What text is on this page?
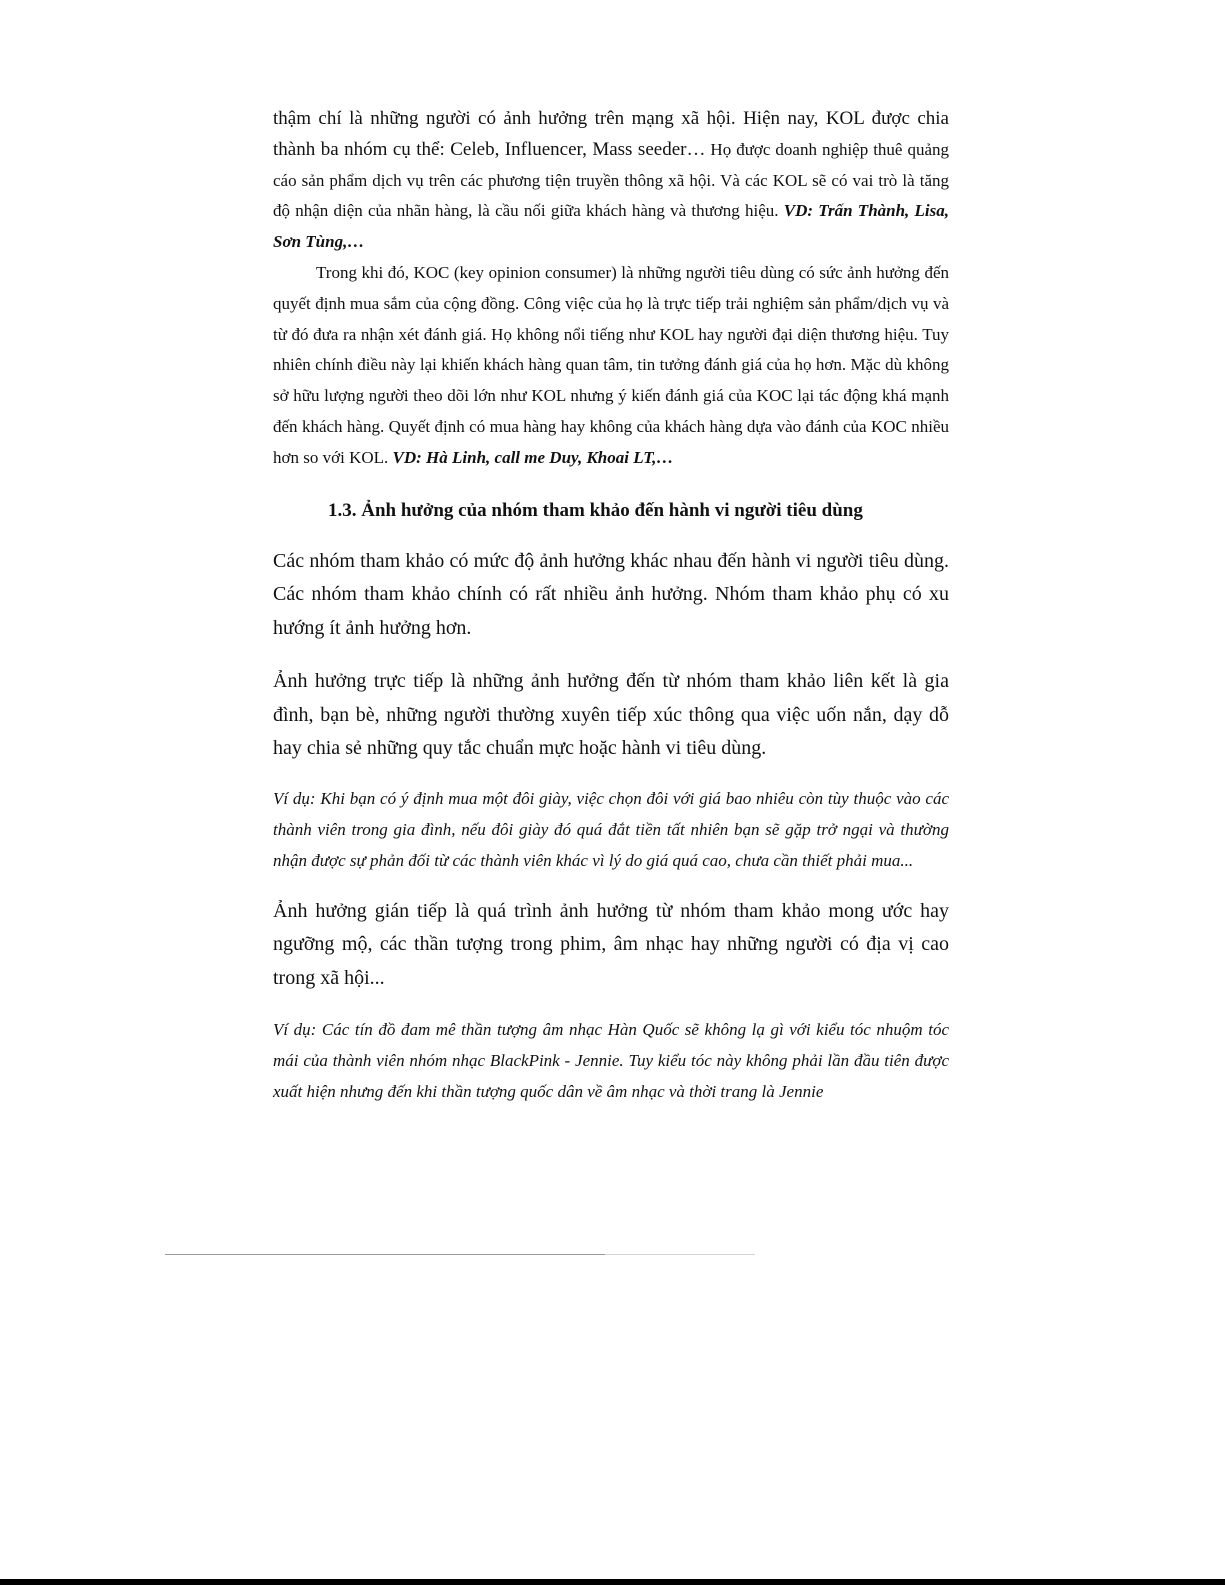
thậm chí là những người có ảnh hưởng trên mạng xã hội. Hiện nay, KOL được chia thành ba nhóm cụ thể: Celeb, Influencer, Mass seeder… Họ được doanh nghiệp thuê quảng cáo sản phẩm dịch vụ trên các phương tiện truyền thông xã hội. Và các KOL sẽ có vai trò là tăng độ nhận diện của nhãn hàng, là cầu nối giữa khách hàng và thương hiệu. VD: Trấn Thành, Lisa, Sơn Tùng,…

Trong khi đó, KOC (key opinion consumer) là những người tiêu dùng có sức ảnh hưởng đến quyết định mua sắm của cộng đồng. Công việc của họ là trực tiếp trải nghiệm sản phẩm/dịch vụ và từ đó đưa ra nhận xét đánh giá. Họ không nổi tiếng như KOL hay người đại diện thương hiệu. Tuy nhiên chính điều này lại khiến khách hàng quan tâm, tin tưởng đánh giá của họ hơn. Mặc dù không sở hữu lượng người theo dõi lớn như KOL nhưng ý kiến đánh giá của KOC lại tác động khá mạnh đến khách hàng. Quyết định có mua hàng hay không của khách hàng dựa vào đánh của KOC nhiều hơn so với KOL. VD: Hà Linh, call me Duy, Khoai LT,…

1.3. Ảnh hưởng của nhóm tham khảo đến hành vi người tiêu dùng

Các nhóm tham khảo có mức độ ảnh hưởng khác nhau đến hành vi người tiêu dùng. Các nhóm tham khảo chính có rất nhiều ảnh hưởng. Nhóm tham khảo phụ có xu hướng ít ảnh hưởng hơn.

Ảnh hưởng trực tiếp là những ảnh hưởng đến từ nhóm tham khảo liên kết là gia đình, bạn bè, những người thường xuyên tiếp xúc thông qua việc uốn nắn, dạy dỗ hay chia sẻ những quy tắc chuẩn mực hoặc hành vi tiêu dùng.

Ví dụ: Khi bạn có ý định mua một đôi giày, việc chọn đôi với giá bao nhiêu còn tùy thuộc vào các thành viên trong gia đình, nếu đôi giày đó quá đắt tiền tất nhiên bạn sẽ gặp trở ngại và thường nhận được sự phản đối từ các thành viên khác vì lý do giá quá cao, chưa cần thiết phải mua...

Ảnh hưởng gián tiếp là quá trình ảnh hưởng từ nhóm tham khảo mong ước hay ngưỡng mộ, các thần tượng trong phim, âm nhạc hay những người có địa vị cao trong xã hội...

Ví dụ: Các tín đồ đam mê thần tượng âm nhạc Hàn Quốc sẽ không lạ gì với kiểu tóc nhuộm tóc mái của thành viên nhóm nhạc BlackPink - Jennie. Tuy kiểu tóc này không phải lần đầu tiên được xuất hiện nhưng đến khi thần tượng quốc dân về âm nhạc và thời trang là Jennie
